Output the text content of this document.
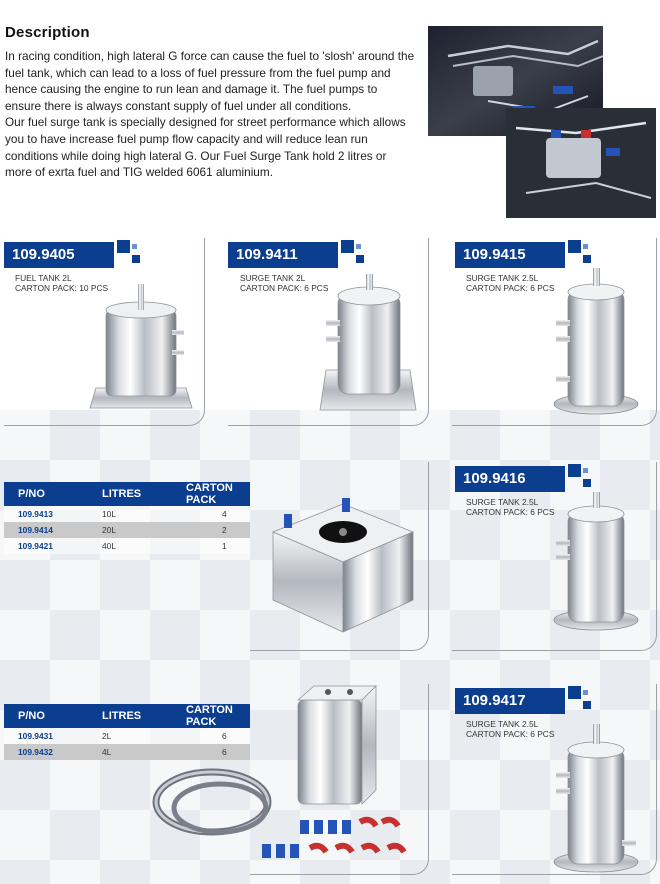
Description

In racing condition, high lateral G force can cause the fuel to 'slosh' around the fuel tank, which can lead to a loss of fuel pressure from the fuel pump and hence causing the engine to run lean and damage it. The fuel pumps to ensure there is always constant supply of fuel under all conditions.

Our fuel surge tank is specially designed for street performance which allows you to have increase fuel pump flow capacity and will reduce lean run conditions while doing high lateral G. Our Fuel Surge Tank hold 2 litres or more of exrta fuel and TIG welded 6061 aluminium.

109.9405
FUEL TANK 2L
CARTON PACK: 10 PCS
109.9411
SURGE TANK 2L
CARTON PACK: 6 PCS
109.9415
SURGE TANK 2.5L
CARTON PACK: 6 PCS
P/NO	LITRES	CARTON PACK
109.9413	10L	4
109.9414	20L	2
109.9421	40L	1
109.9416
SURGE TANK 2.5L
CARTON PACK: 6 PCS
P/NO	LITRES	CARTON PACK
109.9431	2L	6
109.9432	4L	6
109.9417
SURGE TANK 2.5L
CARTON PACK: 6 PCS
